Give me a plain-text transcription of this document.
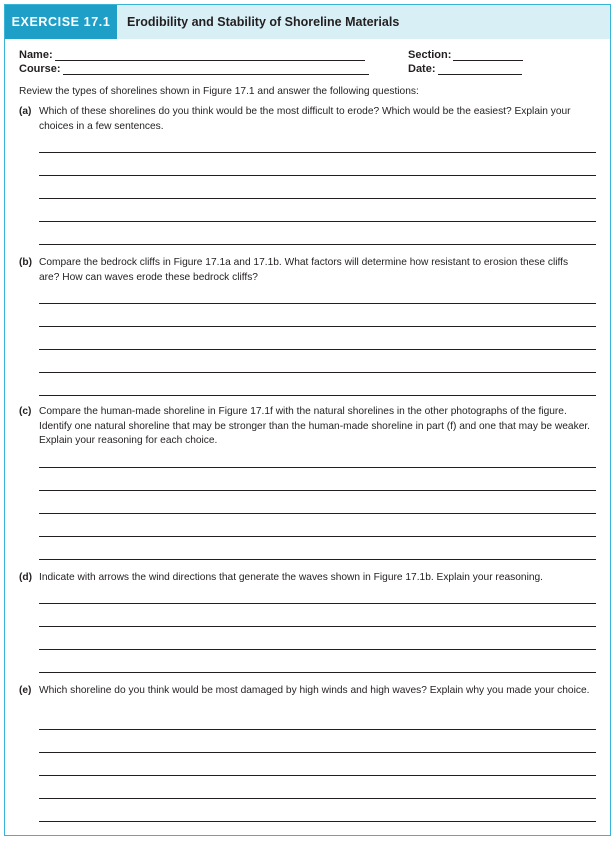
EXERCISE 17.1	Erodibility and Stability of Shoreline Materials
Name:
Course:
Section:
Date:
Review the types of shorelines shown in Figure 17.1 and answer the following questions:
(a) Which of these shorelines do you think would be the most difficult to erode? Which would be the easiest? Explain your choices in a few sentences.
(b) Compare the bedrock cliffs in Figure 17.1a and 17.1b. What factors will determine how resistant to erosion these cliffs are? How can waves erode these bedrock cliffs?
(c) Compare the human-made shoreline in Figure 17.1f with the natural shorelines in the other photographs of the figure. Identify one natural shoreline that may be stronger than the human-made shoreline in part (f) and one that may be weaker. Explain your reasoning for each choice.
(d) Indicate with arrows the wind directions that generate the waves shown in Figure 17.1b. Explain your reasoning.
(e) Which shoreline do you think would be most damaged by high winds and high waves? Explain why you made your choice.
